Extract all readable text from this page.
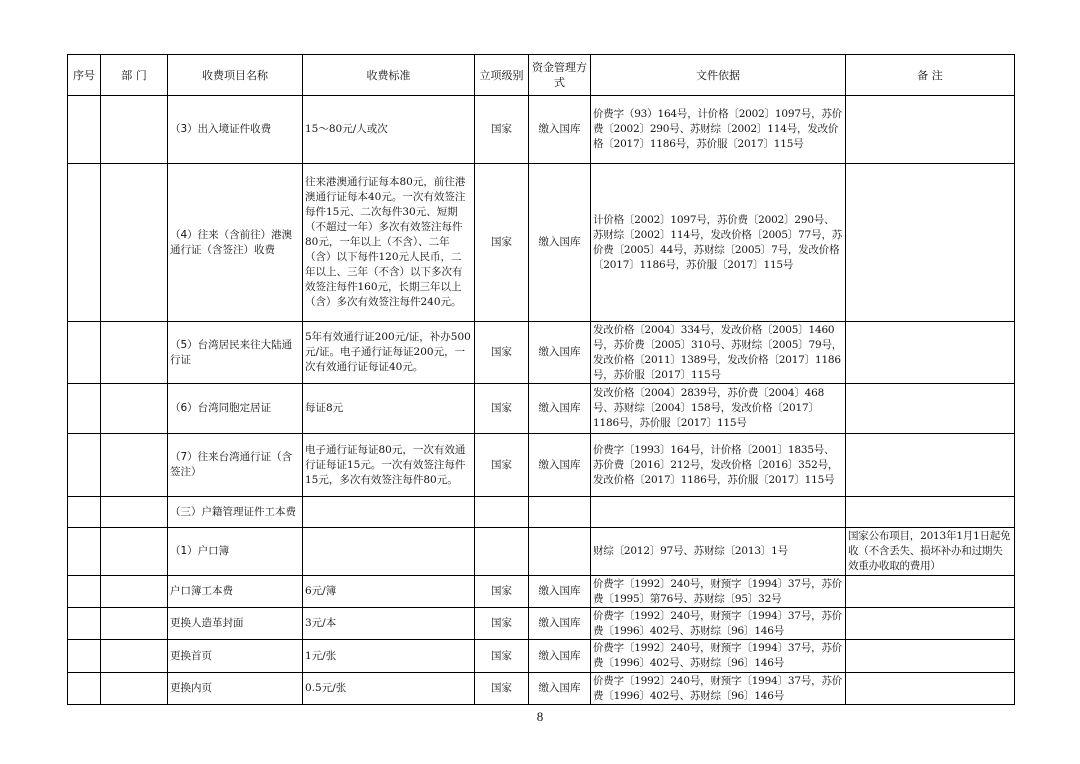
序号	部 门	收费项目名称	收费标准	立项级别	资金管理方式	文件依据	备 注
		（3）出入境证件收费	15～80元/人或次	国家	缴入国库	价费字（93）164号，计价格〔2002〕1097号，苏价费〔2002〕290号、苏财综〔2002〕114号，发改价格〔2017〕1186号，苏价服〔2017〕115号	
		（4）往来（含前往）港澳通行证（含签注）收费	往来港澳通行证每本80元，前往港澳通行证每本40元。一次有效签注每件15元、二次每件30元、短期（不超过一年）多次有效签注每件80元，一年以上（不含）、二年（含）以下每件120元人民币，二年以上、三年（不含）以下多次有效签注每件160元，长期三年以上（含）多次有效签注每件240元。	国家	缴入国库	计价格〔2002〕1097号，苏价费〔2002〕290号、苏财综〔2002〕114号，发改价格〔2005〕77号，苏价费〔2005〕44号，苏财综〔2005〕7号，发改价格〔2017〕1186号，苏价服〔2017〕115号	
		（5）台湾居民来往大陆通行证	5年有效通行证200元/证，补办500元/证。电子通行证每证200元，一次有效通行证每证40元。	国家	缴入国库	发改价格〔2004〕334号，发改价格〔2005〕1460号，苏价费〔2005〕310号、苏财综〔2005〕79号，发改价格〔2011〕1389号，发改价格〔2017〕1186号，苏价服〔2017〕115号	
		（6）台湾同胞定居证	每证8元	国家	缴入国库	发改价格〔2004〕2839号，苏价费〔2004〕468号、苏财综〔2004〕158号，发改价格〔2017〕1186号，苏价服〔2017〕115号	
		（7）往来台湾通行证（含签注）	电子通行证每证80元，一次有效通行证每证15元。一次有效签注每件15元，多次有效签注每件80元。	国家	缴入国库	价费字〔1993〕164号，计价格〔2001〕1835号、苏价费〔2016〕212号，发改价格〔2016〕352号，发改价格〔2017〕1186号，苏价服〔2017〕115号	
		（三）户籍管理证件工本费					
		（1）户口簿				财综〔2012〕97号、苏财综〔2013〕1号	国家公布项目，2013年1月1日起免收（不含丢失、损坏补办和过期失效重办收取的费用）
		户口簿工本费	6元/簿	国家	缴入国库	价费字〔1992〕240号，财预字〔1994〕37号，苏价费〔1995〕第76号、苏财综〔95〕32号	
		更换人造革封面	3元/本	国家	缴入国库	价费字〔1992〕240号，财预字〔1994〕37号，苏价费〔1996〕402号、苏财综〔96〕146号	
		更换首页	1元/张	国家	缴入国库	价费字〔1992〕240号，财预字〔1994〕37号，苏价费〔1996〕402号、苏财综〔96〕146号	
		更换内页	0.5元/张	国家	缴入国库	价费字〔1992〕240号，财预字〔1994〕37号，苏价费〔1996〕402号、苏财综〔96〕146号	
8
